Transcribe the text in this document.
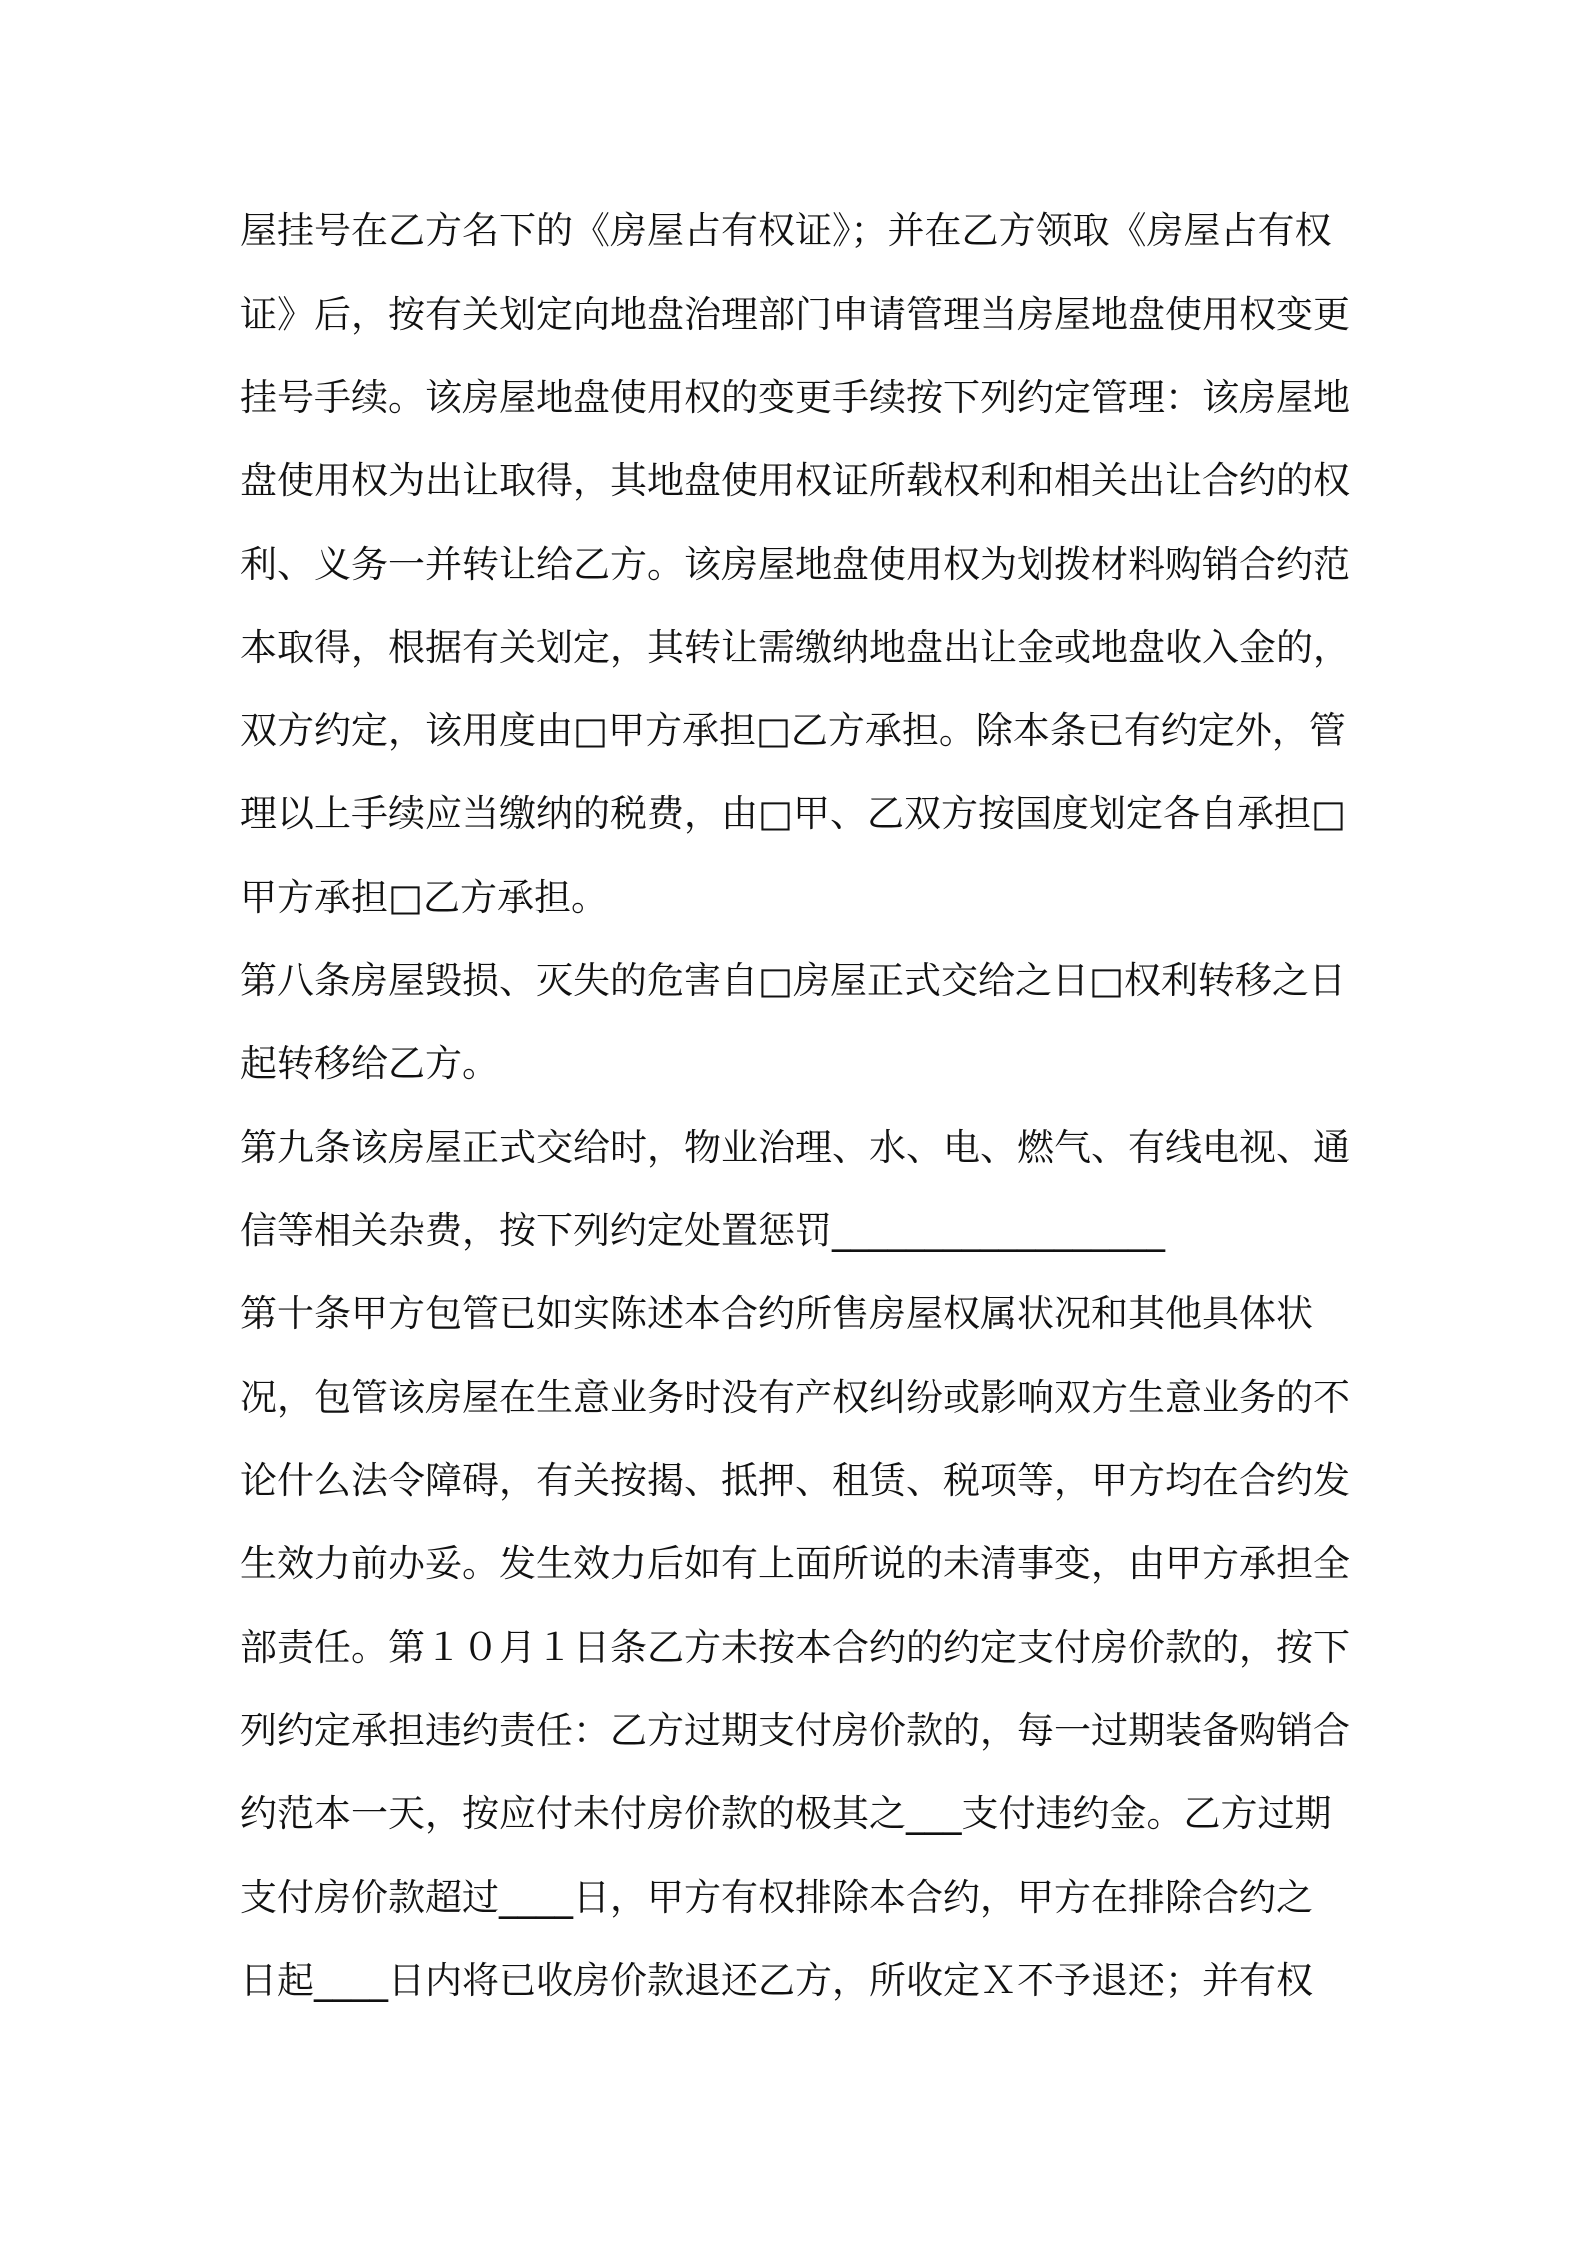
屋挂号在乙方名下的《房屋占有权证》；并在乙方领取《房屋占有权
证》后，按有关划定向地盘治理部门申请管理当房屋地盘使用权变更
挂号手续。该房屋地盘使用权的变更手续按下列约定管理：该房屋地
盘使用权为出让取得，其地盘使用权证所载权利和相关出让合约的权
利、义务一并转让给乙方。该房屋地盘使用权为划拨材料购销合约范
本取得，根据有关划定，其转让需缴纳地盘出让金或地盘收入金的，
双方约定，该用度由□甲方承担□乙方承担。除本条已有约定外，管
理以上手续应当缴纳的税费，由□甲、乙双方按国度划定各自承担□
甲方承担□乙方承担。
第八条房屋毁损、灭失的危害自□房屋正式交给之日□权利转移之日
起转移给乙方。
第九条该房屋正式交给时，物业治理、水、电、燃气、有线电视、通
信等相关杂费，按下列约定处置惩罚__________________
第十条甲方包管已如实陈述本合约所售房屋权属状况和其他具体状
况，包管该房屋在生意业务时没有产权纠纷或影响双方生意业务的不
论什么法令障碍，有关按揭、抵押、租赁、税项等，甲方均在合约发
生效力前办妥。发生效力后如有上面所说的未清事变，由甲方承担全
部责任。第１０月１日条乙方未按本合约的约定支付房价款的，按下
列约定承担违约责任：乙方过期支付房价款的，每一过期装备购销合
约范本一天，按应付未付房价款的极其之___支付违约金。乙方过期
支付房价款超过____日，甲方有权排除本合约，甲方在排除合约之
日起____日内将已收房价款退还乙方，所收定Ｘ不予退还；并有权
